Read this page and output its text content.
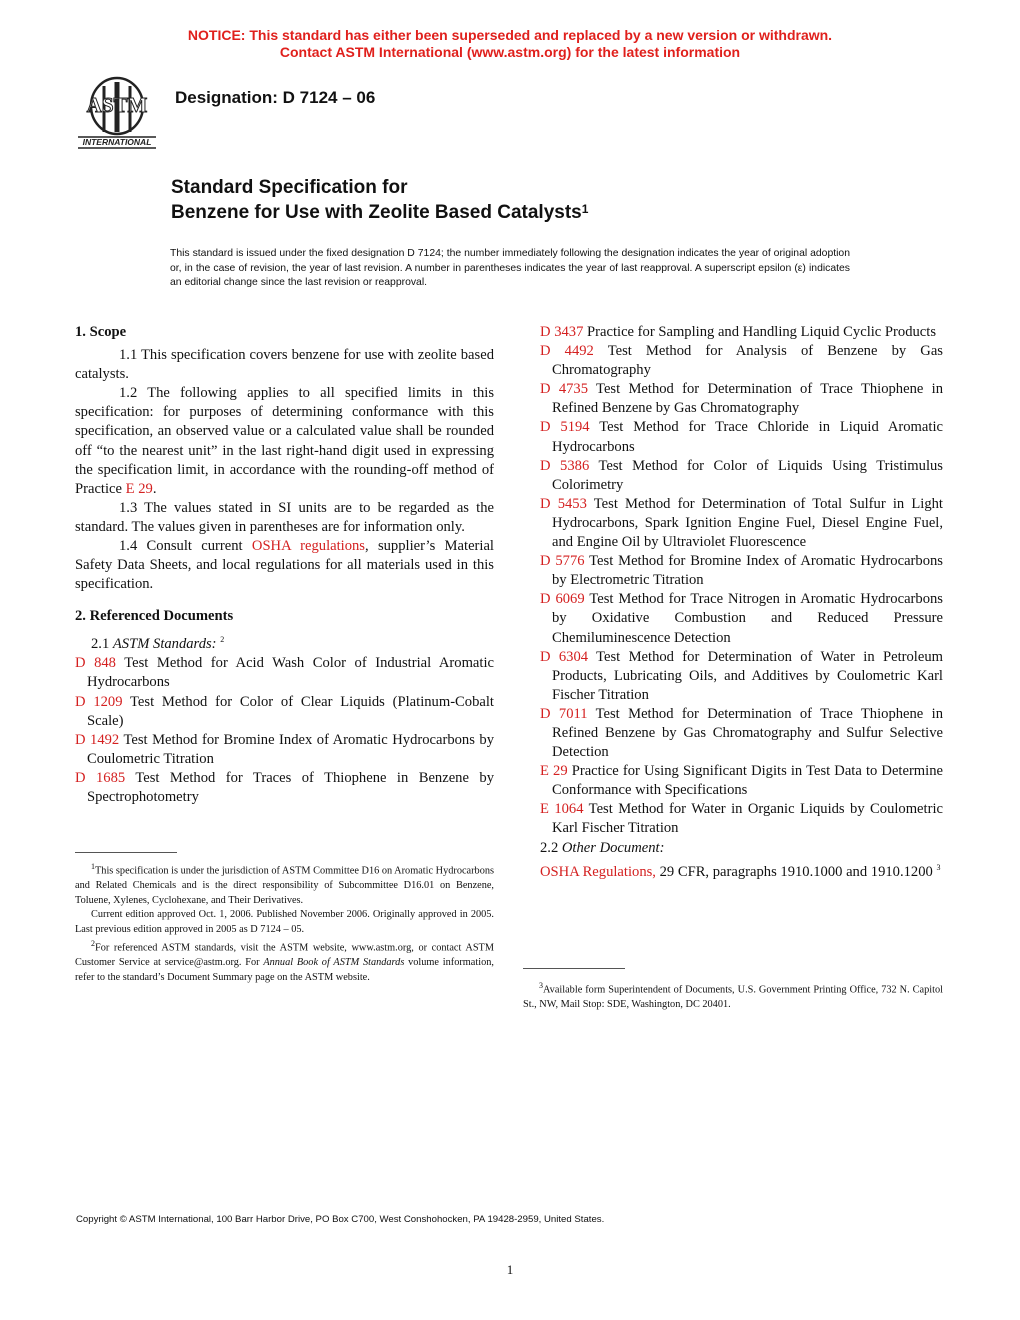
NOTICE: This standard has either been superseded and replaced by a new version or withdrawn.
Contact ASTM International (www.astm.org) for the latest information
ASTM
INTERNATIONAL
Designation: D 7124 – 06
Standard Specification for
Benzene for Use with Zeolite Based Catalysts$^1$
This standard is issued under the fixed designation D 7124; the number immediately following the designation indicates the year of original adoption or, in the case of revision, the year of last revision. A number in parentheses indicates the year of last reapproval. A superscript epsilon (ε) indicates an editorial change since the last revision or reapproval.
1. Scope

1.1 This specification covers benzene for use with zeolite based catalysts.

1.2 The following applies to all specified limits in this specification: for purposes of determining conformance with this specification, an observed value or a calculated value shall be rounded off “to the nearest unit” in the last right-hand digit used in expressing the specification limit, in accordance with the rounding-off method of Practice E 29.

1.3 The values stated in SI units are to be regarded as the standard. The values given in parentheses are for information only.

1.4 Consult current OSHA regulations, supplier’s Material Safety Data Sheets, and local regulations for all materials used in this specification.

2. Referenced Documents

2.1 ASTM Standards: $^2$

D 848 Test Method for Acid Wash Color of Industrial Aromatic Hydrocarbons

D 1209 Test Method for Color of Clear Liquids (Platinum-Cobalt Scale)

D 1492 Test Method for Bromine Index of Aromatic Hydrocarbons by Coulometric Titration

D 1685 Test Method for Traces of Thiophene in Benzene by Spectrophotometry

$^1$This specification is under the jurisdiction of ASTM Committee D16 on Aromatic Hydrocarbons and Related Chemicals and is the direct responsibility of Subcommittee D16.01 on Benzene, Toluene, Xylenes, Cyclohexane, and Their Derivatives.

Current edition approved Oct. 1, 2006. Published November 2006. Originally approved in 2005. Last previous edition approved in 2005 as D 7124 – 05.

$^2$For referenced ASTM standards, visit the ASTM website, www.astm.org, or contact ASTM Customer Service at service@astm.org. For Annual Book of ASTM Standards volume information, refer to the standard’s Document Summary page on the ASTM website.

D 3437 Practice for Sampling and Handling Liquid Cyclic Products

D 4492 Test Method for Analysis of Benzene by Gas Chromatography

D 4735 Test Method for Determination of Trace Thiophene in Refined Benzene by Gas Chromatography

D 5194 Test Method for Trace Chloride in Liquid Aromatic Hydrocarbons

D 5386 Test Method for Color of Liquids Using Tristimulus Colorimetry

D 5453 Test Method for Determination of Total Sulfur in Light Hydrocarbons, Spark Ignition Engine Fuel, Diesel Engine Fuel, and Engine Oil by Ultraviolet Fluorescence

D 5776 Test Method for Bromine Index of Aromatic Hydrocarbons by Electrometric Titration

D 6069 Test Method for Trace Nitrogen in Aromatic Hydrocarbons by Oxidative Combustion and Reduced Pressure Chemiluminescence Detection

D 6304 Test Method for Determination of Water in Petroleum Products, Lubricating Oils, and Additives by Coulometric Karl Fischer Titration

D 7011 Test Method for Determination of Trace Thiophene in Refined Benzene by Gas Chromatography and Sulfur Selective Detection

E 29 Practice for Using Significant Digits in Test Data to Determine Conformance with Specifications

E 1064 Test Method for Water in Organic Liquids by Coulometric Karl Fischer Titration

2.2 Other Document:

OSHA Regulations, 29 CFR, paragraphs 1910.1000 and 1910.1200 $^3$

$^3$Available form Superintendent of Documents, U.S. Government Printing Office, 732 N. Capitol St., NW, Mail Stop: SDE, Washington, DC 20401.

Copyright © ASTM International, 100 Barr Harbor Drive, PO Box C700, West Conshohocken, PA 19428-2959, United States.
1
